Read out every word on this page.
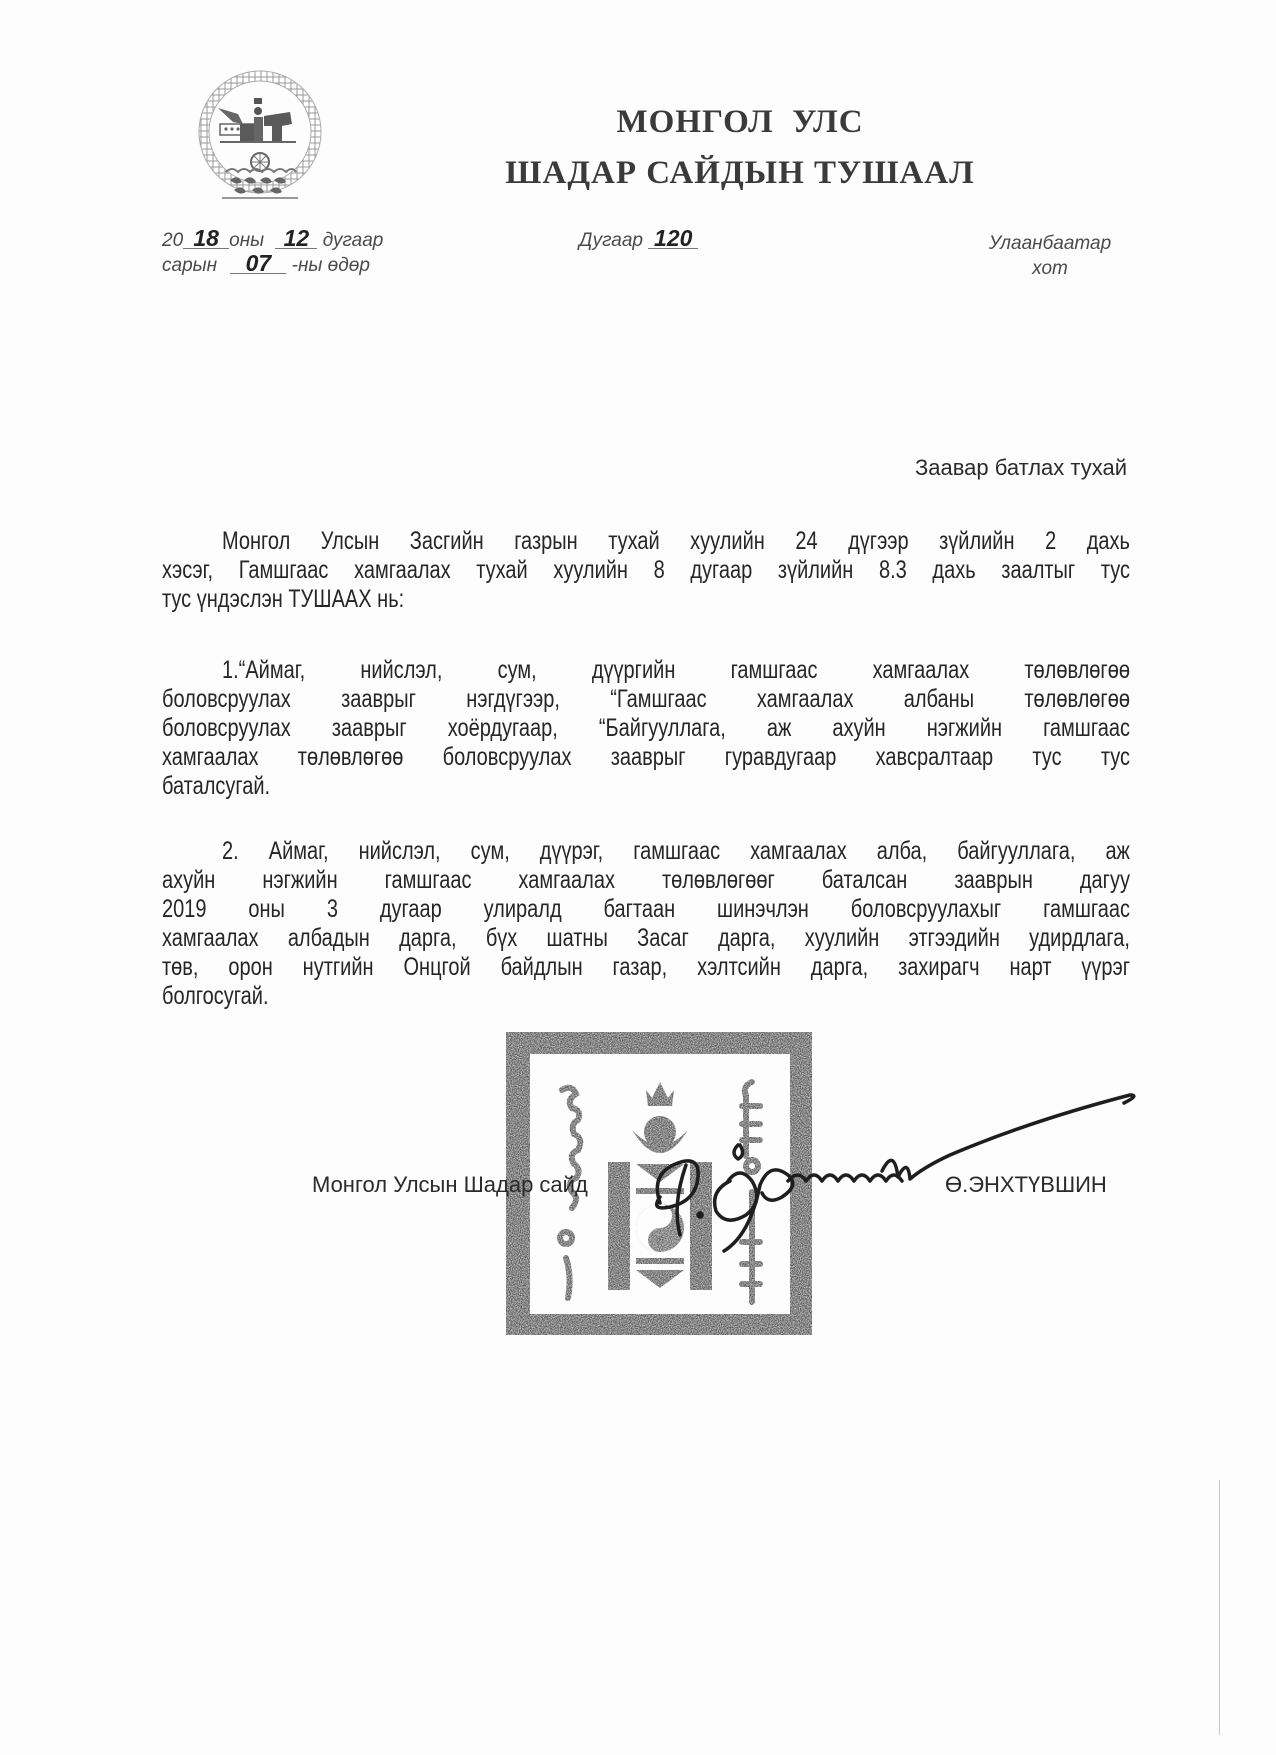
МОНГОЛ  УЛС
ШАДАР САЙДЫН ТУШААЛ
20 18 оны 12 дугаар
сарын 07 -ны өдөр
Дугаар 120	Улаанбаатар
хот
Заавар батлах тухай
Монгол Улсын Засгийн газрын тухай хуулийн 24 дүгээр зүйлийн 2 дахь
хэсэг, Гамшгаас хамгаалах тухай хуулийн 8 дугаар зүйлийн 8.3 дахь заалтыг тус
тус үндэслэн ТУШААХ нь:
1.“Аймаг, нийслэл, сум, дүүргийн гамшгаас хамгаалах төлөвлөгөө
боловсруулах зааврыг нэгдүгээр, “Гамшгаас хамгаалах албаны төлөвлөгөө
боловсруулах зааврыг хоёрдугаар, “Байгууллага, аж ахуйн нэгжийн гамшгаас
хамгаалах төлөвлөгөө боловсруулах зааврыг гуравдугаар хавсралтаар тус тус
баталсугай.
2. Аймаг, нийслэл, сум, дүүрэг, гамшгаас хамгаалах алба, байгууллага, аж
ахуйн нэгжийн гамшгаас хамгаалах төлөвлөгөөг баталсан зааврын дагуу
2019 оны 3 дугаар улиралд багтаан шинэчлэн боловсруулахыг гамшгаас
хамгаалах албадын дарга, бүх шатны Засаг дарга, хуулийн этгээдийн удирдлага,
төв, орон нутгийн Онцгой байдлын газар, хэлтсийн дарга, захирагч нарт үүрэг
болгосугай.
Монгол Улсын Шадар сайд	Ө.ЭНХТҮВШИН
